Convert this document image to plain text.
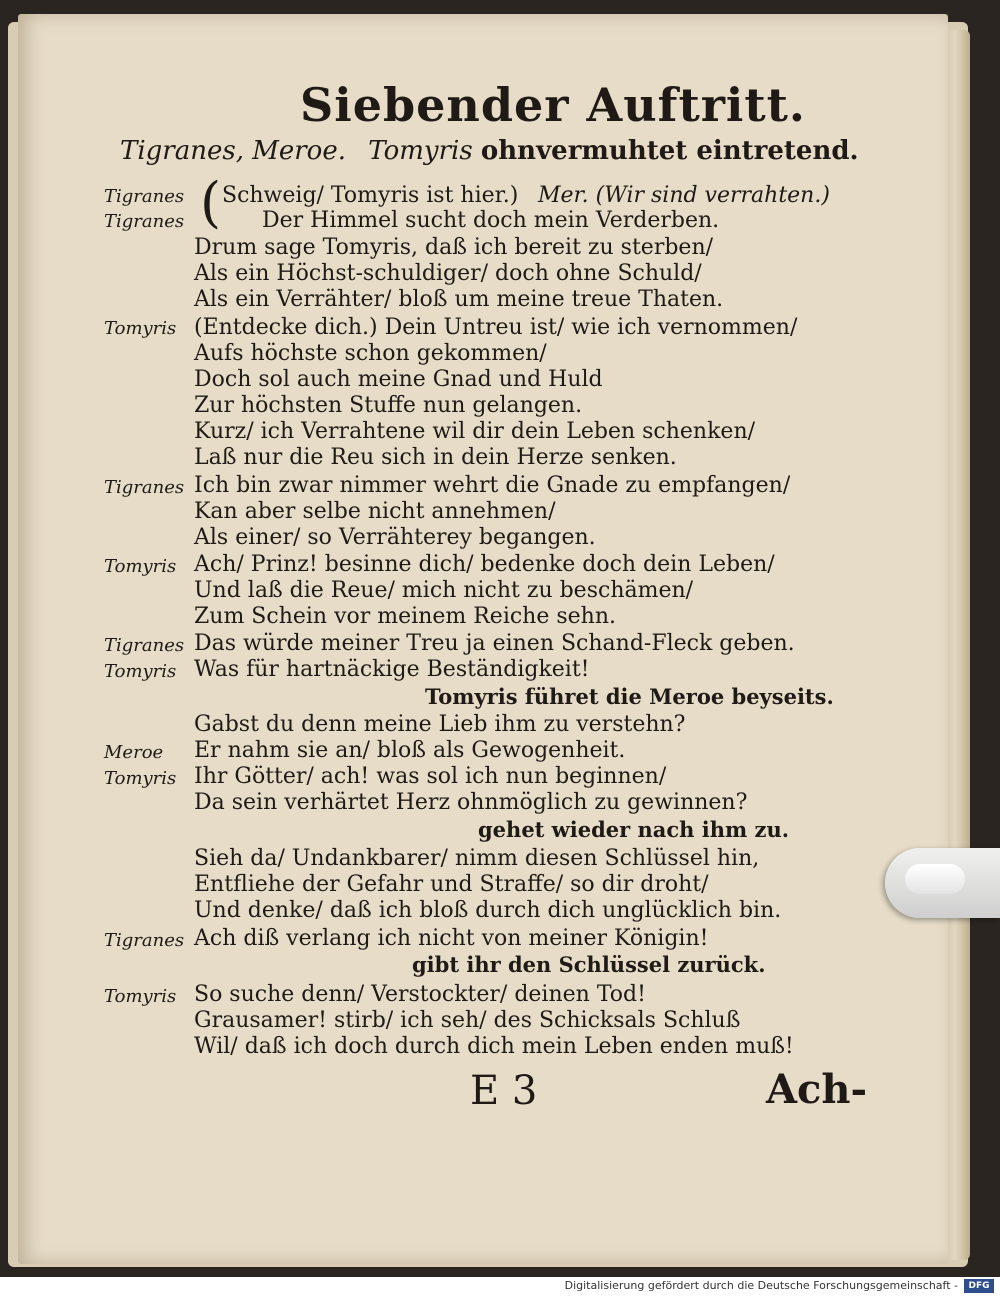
Siebender Auftritt.
Tigranes, Meroe. Tomyris ohnvermuhtet eintretend.
Tigranes
Tigranes ( Schweig/ Tomyris ist hier.) Mer. (Wir sind verrahten.)
Der Himmel sucht doch mein Verderben.
Drum sage Tomyris, daß ich bereit zu sterben/
Als ein Höchst-schuldiger/ doch ohne Schuld/
Als ein Verrähter/ bloß um meine treue Thaten.
Tomyris (Entdecke dich.) Dein Untreu ist/ wie ich vernommen/
Aufs höchste schon gekommen/
Doch sol auch meine Gnad und Huld
Zur höchsten Stuffe nun gelangen.
Kurz/ ich Verrahtene wil dir dein Leben schenken/
Laß nur die Reu sich in dein Herze senken.
Tigranes Ich bin zwar nimmer wehrt die Gnade zu empfangen/
Kan aber selbe nicht annehmen/
Als einer/ so Verrähterey begangen.
Tomyris Ach/ Prinz! besinne dich/ bedenke doch dein Leben/
Und laß die Reue/ mich nicht zu beschämen/
Zum Schein vor meinem Reiche sehn.
Tigranes Das würde meiner Treu ja einen Schand-Fleck geben.
Tomyris Was für hartnäckige Beständigkeit!
Tomyris führet die Meroe beyseits.
Gabst du denn meine Lieb ihm zu verstehn?
Meroe Er nahm sie an/ bloß als Gewogenheit.
Tomyris Ihr Götter/ ach! was sol ich nun beginnen/
Da sein verhärtet Herz ohnmöglich zu gewinnen?
gehet wieder nach ihm zu.
Sieh da/ Undankbarer/ nimm diesen Schlüssel hin,
Entfliehe der Gefahr und Straffe/ so dir droht/
Und denke/ daß ich bloß durch dich unglücklich bin.
Tigranes Ach diß verlang ich nicht von meiner Königin!
gibt ihr den Schlüssel zurück.
Tomyris So suche denn/ Verstockter/ deinen Tod!
Grausamer! stirb/ ich seh/ des Schicksals Schluß
Wil/ daß ich doch durch dich mein Leben enden muß!
E 3	Ach-
Digitalisierung gefördert durch die Deutsche Forschungsgemeinschaft -	DFG
